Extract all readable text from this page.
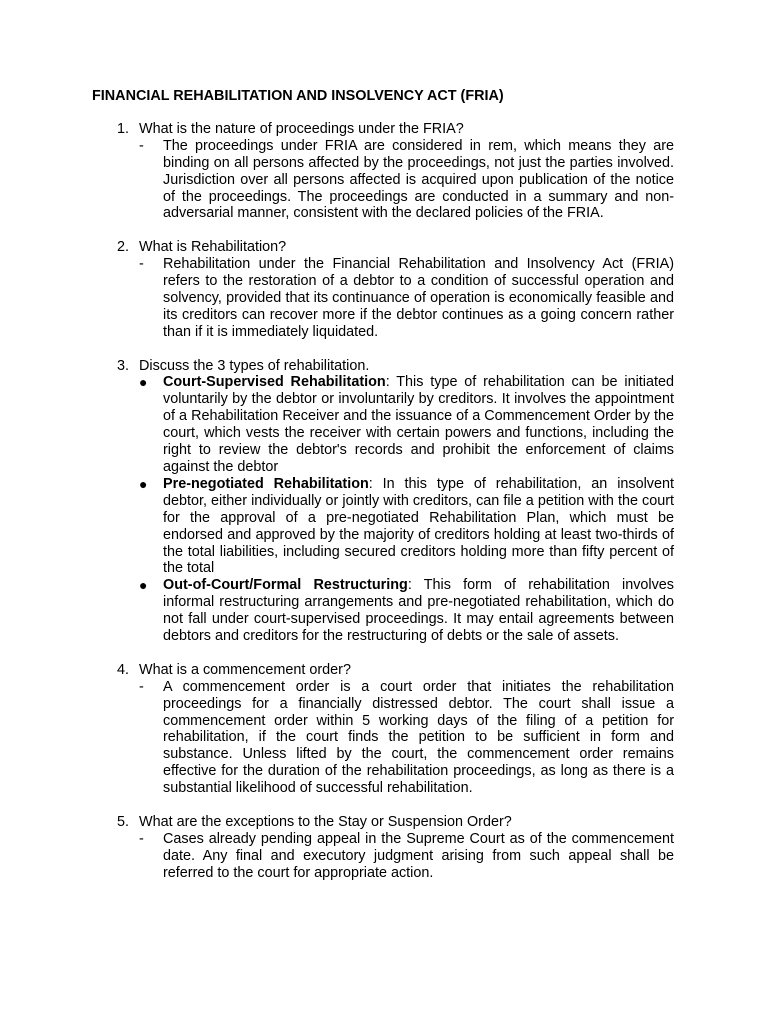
FINANCIAL REHABILITATION AND INSOLVENCY ACT (FRIA)
1. What is the nature of proceedings under the FRIA?
- The proceedings under FRIA are considered in rem, which means they are binding on all persons affected by the proceedings, not just the parties involved. Jurisdiction over all persons affected is acquired upon publication of the notice of the proceedings. The proceedings are conducted in a summary and non-adversarial manner, consistent with the declared policies of the FRIA.
2. What is Rehabilitation?
- Rehabilitation under the Financial Rehabilitation and Insolvency Act (FRIA) refers to the restoration of a debtor to a condition of successful operation and solvency, provided that its continuance of operation is economically feasible and its creditors can recover more if the debtor continues as a going concern rather than if it is immediately liquidated.
3. Discuss the 3 types of rehabilitation.
● Court-Supervised Rehabilitation: This type of rehabilitation can be initiated voluntarily by the debtor or involuntarily by creditors. It involves the appointment of a Rehabilitation Receiver and the issuance of a Commencement Order by the court, which vests the receiver with certain powers and functions, including the right to review the debtor's records and prohibit the enforcement of claims against the debtor
● Pre-negotiated Rehabilitation: In this type of rehabilitation, an insolvent debtor, either individually or jointly with creditors, can file a petition with the court for the approval of a pre-negotiated Rehabilitation Plan, which must be endorsed and approved by the majority of creditors holding at least two-thirds of the total liabilities, including secured creditors holding more than fifty percent of the total
● Out-of-Court/Formal Restructuring: This form of rehabilitation involves informal restructuring arrangements and pre-negotiated rehabilitation, which do not fall under court-supervised proceedings. It may entail agreements between debtors and creditors for the restructuring of debts or the sale of assets.
4. What is a commencement order?
- A commencement order is a court order that initiates the rehabilitation proceedings for a financially distressed debtor. The court shall issue a commencement order within 5 working days of the filing of a petition for rehabilitation, if the court finds the petition to be sufficient in form and substance. Unless lifted by the court, the commencement order remains effective for the duration of the rehabilitation proceedings, as long as there is a substantial likelihood of successful rehabilitation.
5. What are the exceptions to the Stay or Suspension Order?
- Cases already pending appeal in the Supreme Court as of the commencement date. Any final and executory judgment arising from such appeal shall be referred to the court for appropriate action.
